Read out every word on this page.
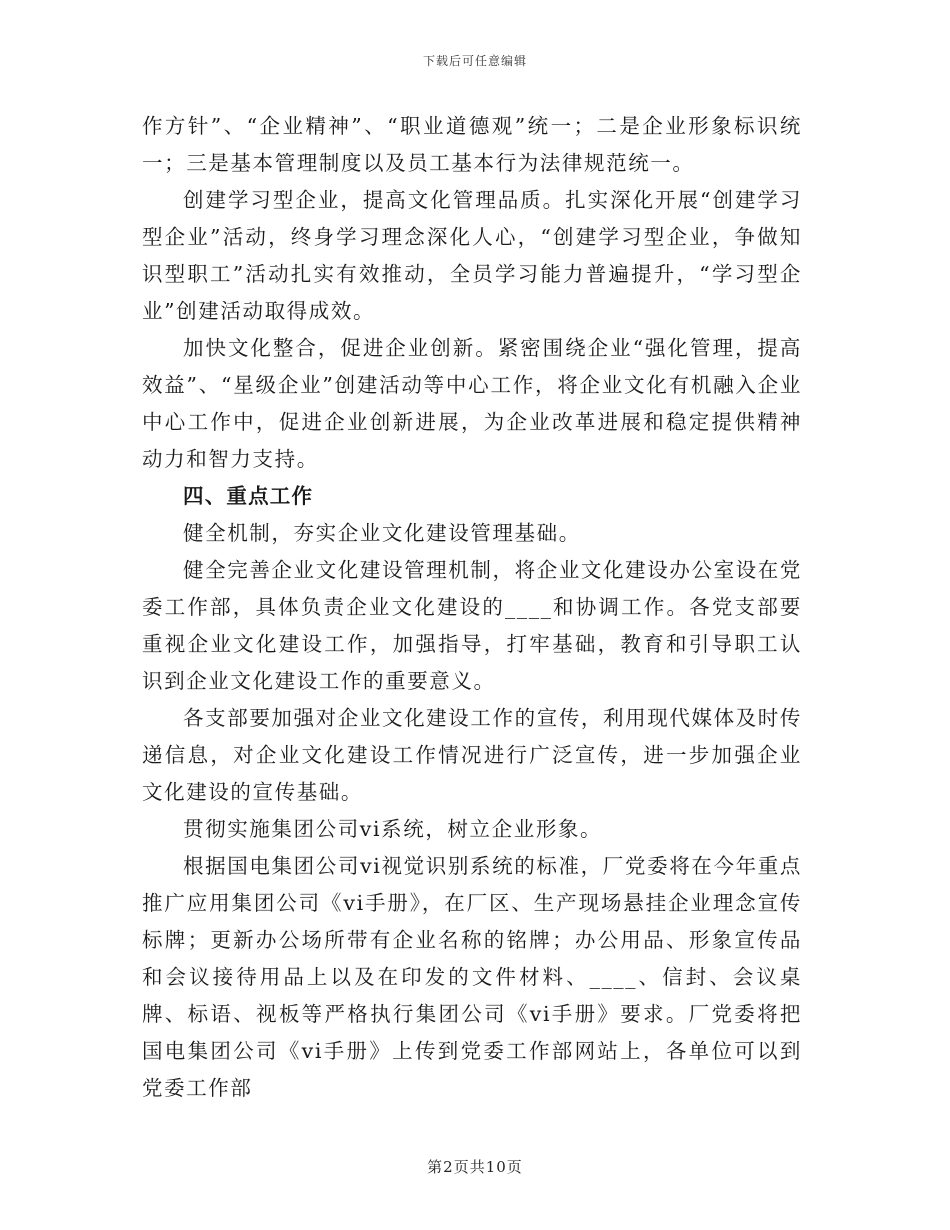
下载后可任意编辑

作方针”、“企业精神”、“职业道德观”统一；二是企业形象标识统一；三是基本管理制度以及员工基本行为法律规范统一。

创建学习型企业，提高文化管理品质。扎实深化开展“创建学习型企业”活动，终身学习理念深化人心，“创建学习型企业，争做知识型职工”活动扎实有效推动，全员学习能力普遍提升，“学习型企业”创建活动取得成效。

加快文化整合，促进企业创新。紧密围绕企业“强化管理，提高效益”、“星级企业”创建活动等中心工作，将企业文化有机融入企业中心工作中，促进企业创新进展，为企业改革进展和稳定提供精神动力和智力支持。

四、重点工作

健全机制，夯实企业文化建设管理基础。

健全完善企业文化建设管理机制，将企业文化建设办公室设在党委工作部，具体负责企业文化建设的____和协调工作。各党支部要重视企业文化建设工作，加强指导，打牢基础，教育和引导职工认识到企业文化建设工作的重要意义。

各支部要加强对企业文化建设工作的宣传，利用现代媒体及时传递信息，对企业文化建设工作情况进行广泛宣传，进一步加强企业文化建设的宣传基础。

贯彻实施集团公司vi系统，树立企业形象。

根据国电集团公司vi视觉识别系统的标准，厂党委将在今年重点推广应用集团公司《vi手册》，在厂区、生产现场悬挂企业理念宣传标牌；更新办公场所带有企业名称的铭牌；办公用品、形象宣传品和会议接待用品上以及在印发的文件材料、____、信封、会议桌牌、标语、视板等严格执行集团公司《vi手册》要求。厂党委将把国电集团公司《vi手册》上传到党委工作部网站上，各单位可以到党委工作部

第2页共10页
